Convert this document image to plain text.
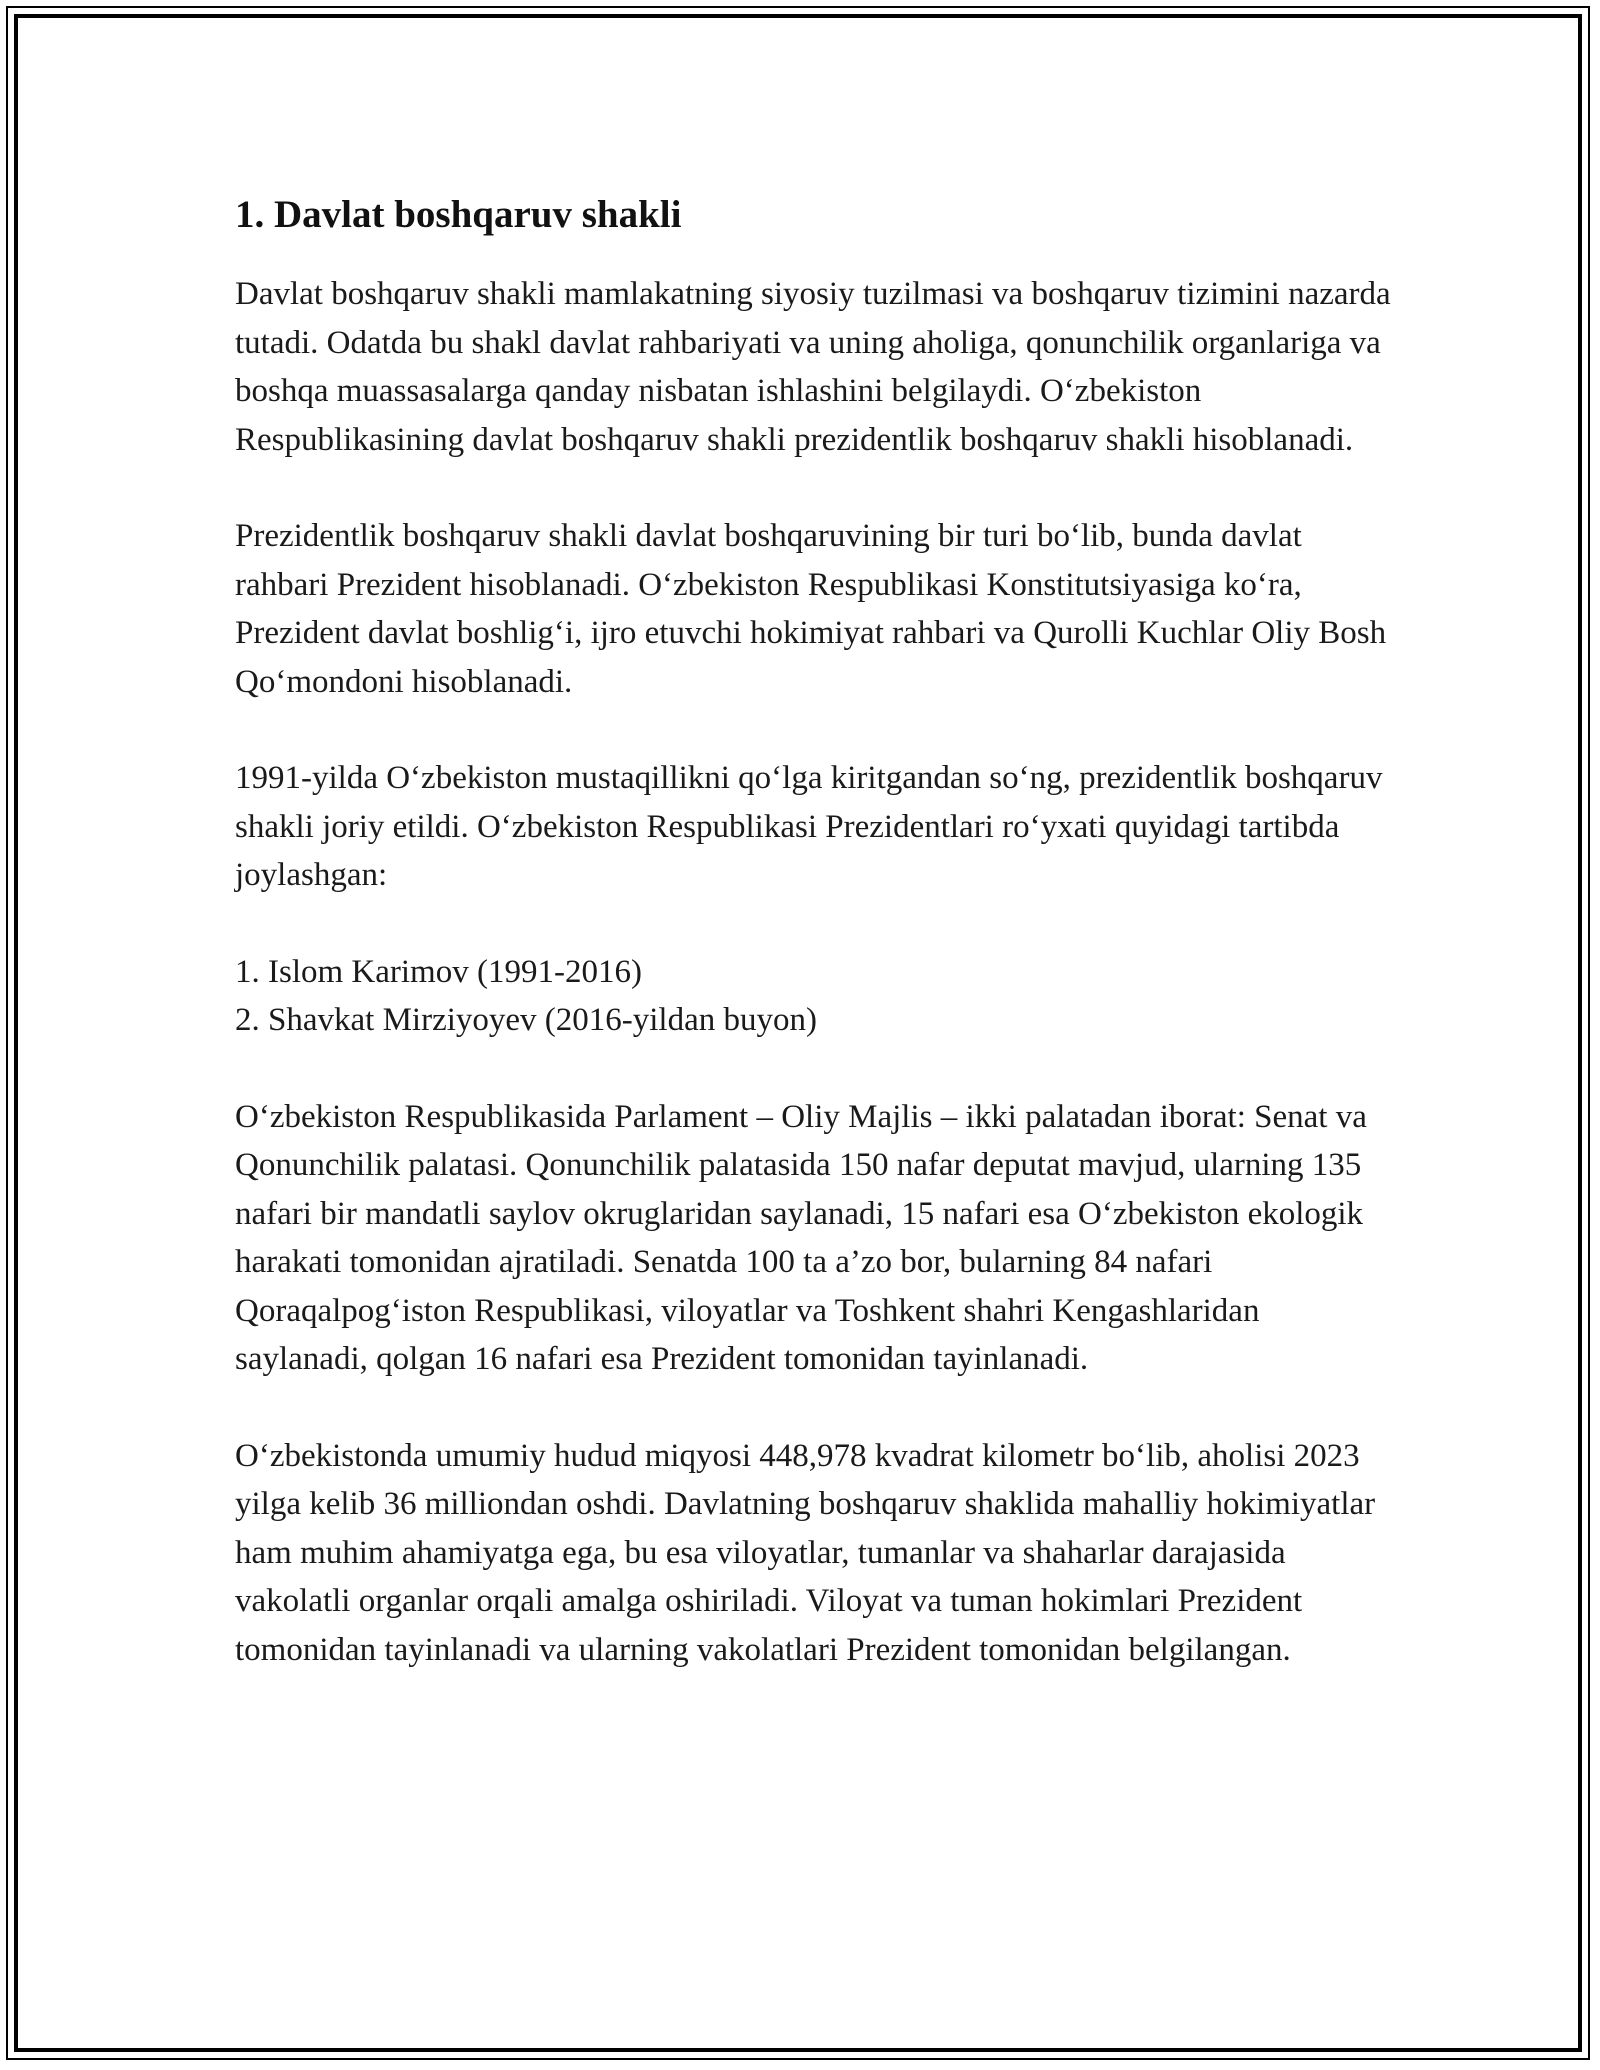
1. Davlat boshqaruv shakli

Davlat boshqaruv shakli mamlakatning siyosiy tuzilmasi va boshqaruv tizimini nazarda tutadi. Odatda bu shakl davlat rahbariyati va uning aholiga, qonunchilik organlariga va boshqa muassasalarga qanday nisbatan ishlashini belgilaydi. O‘zbekiston Respublikasining davlat boshqaruv shakli prezidentlik boshqaruv shakli hisoblanadi.

Prezidentlik boshqaruv shakli davlat boshqaruvining bir turi bo‘lib, bunda davlat rahbari Prezident hisoblanadi. O‘zbekiston Respublikasi Konstitutsiyasiga ko‘ra, Prezident davlat boshlig‘i, ijro etuvchi hokimiyat rahbari va Qurolli Kuchlar Oliy Bosh Qo‘mondoni hisoblanadi.

1991-yilda O‘zbekiston mustaqillikni qo‘lga kiritgandan so‘ng, prezidentlik boshqaruv shakli joriy etildi. O‘zbekiston Respublikasi Prezidentlari ro‘yxati quyidagi tartibda joylashgan:

1. Islom Karimov (1991-2016)
2. Shavkat Mirziyoyev (2016-yildan buyon)

O‘zbekiston Respublikasida Parlament – Oliy Majlis – ikki palatadan iborat: Senat va Qonunchilik palatasi. Qonunchilik palatasida 150 nafar deputat mavjud, ularning 135 nafari bir mandatli saylov okruglaridan saylanadi, 15 nafari esa O‘zbekiston ekologik harakati tomonidan ajratiladi. Senatda 100 ta a’zo bor, bularning 84 nafari Qoraqalpog‘iston Respublikasi, viloyatlar va Toshkent shahri Kengashlaridan saylanadi, qolgan 16 nafari esa Prezident tomonidan tayinlanadi.

O‘zbekistonda umumiy hudud miqyosi 448,978 kvadrat kilometr bo‘lib, aholisi 2023 yilga kelib 36 milliondan oshdi. Davlatning boshqaruv shaklida mahalliy hokimiyatlar ham muhim ahamiyatga ega, bu esa viloyatlar, tumanlar va shaharlar darajasida vakolatli organlar orqali amalga oshiriladi. Viloyat va tuman hokimlari Prezident tomonidan tayinlanadi va ularning vakolatlari Prezident tomonidan belgilangan.
